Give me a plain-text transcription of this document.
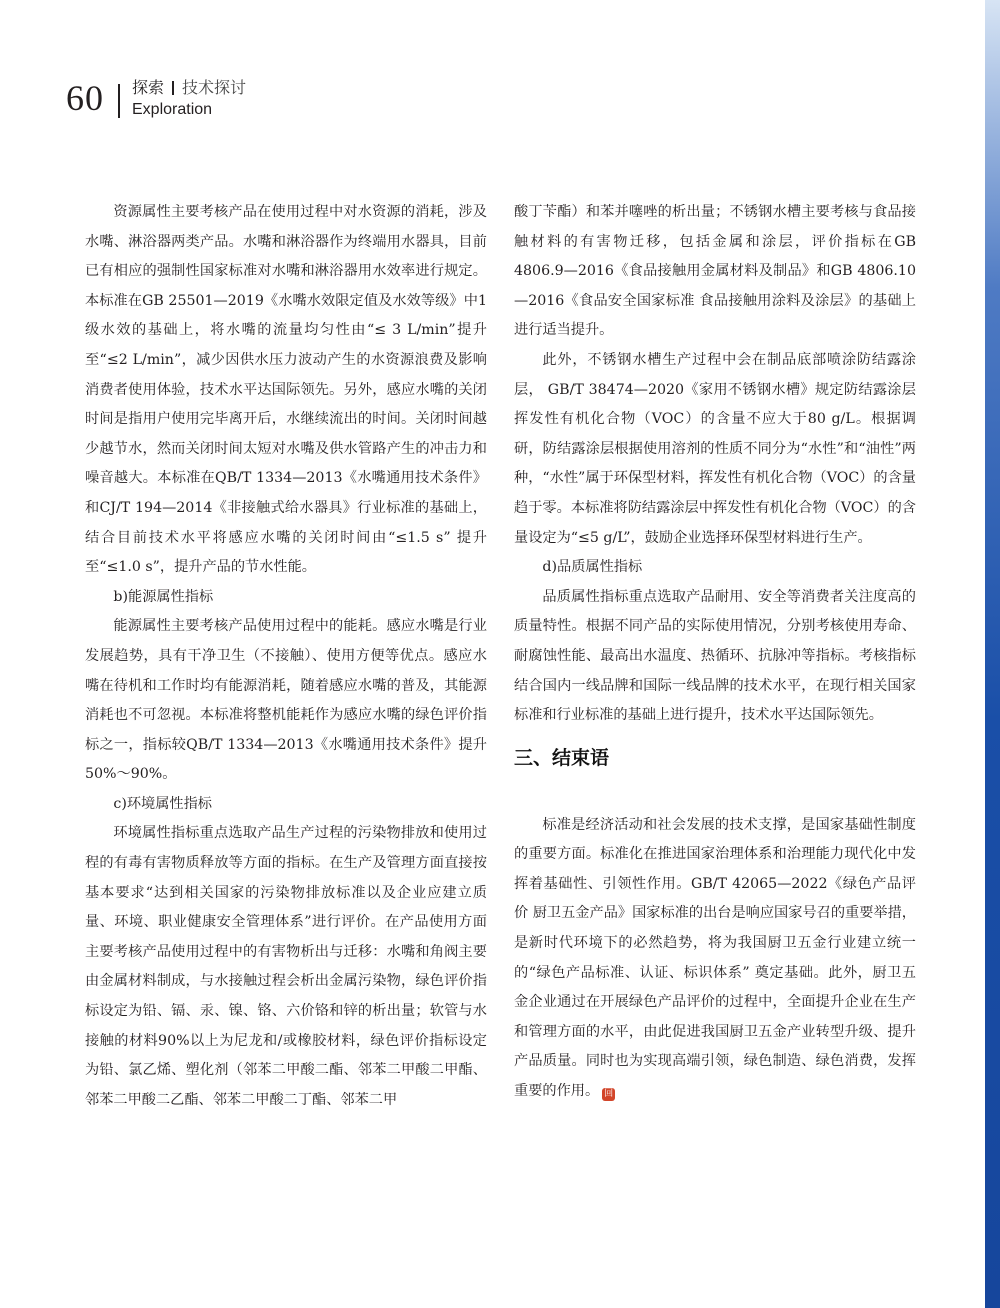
60 探索 技术探讨
Exploration

资源属性主要考核产品在使用过程中对水资源的消耗，涉及水嘴、淋浴器两类产品。水嘴和淋浴器作为终端用水器具，目前已有相应的强制性国家标准对水嘴和淋浴器用水效率进行规定。本标准在GB 25501—2019《水嘴水效限定值及水效等级》中1级水效的基础上，将水嘴的流量均匀性由“≤ 3 L/min”提升至“≤2 L/min”，减少因供水压力波动产生的水资源浪费及影响消费者使用体验，技术水平达国际领先。另外，感应水嘴的关闭时间是指用户使用完毕离开后，水继续流出的时间。关闭时间越少越节水，然而关闭时间太短对水嘴及供水管路产生的冲击力和噪音越大。本标准在QB/T 1334—2013《水嘴通用技术条件》和CJ/T 194—2014《非接触式给水器具》行业标准的基础上，结合目前技术水平将感应水嘴的关闭时间由“≤1.5 s” 提升至“≤1.0 s”，提升产品的节水性能。

b)能源属性指标

能源属性主要考核产品使用过程中的能耗。感应水嘴是行业发展趋势，具有干净卫生（不接触）、使用方便等优点。感应水嘴在待机和工作时均有能源消耗，随着感应水嘴的普及，其能源消耗也不可忽视。本标准将整机能耗作为感应水嘴的绿色评价指标之一，指标较QB/T 1334—2013《水嘴通用技术条件》提升50%～90%。

c)环境属性指标

环境属性指标重点选取产品生产过程的污染物排放和使用过程的有毒有害物质释放等方面的指标。在生产及管理方面直接按基本要求“达到相关国家的污染物排放标准以及企业应建立质量、环境、职业健康安全管理体系”进行评价。在产品使用方面主要考核产品使用过程中的有害物析出与迁移：水嘴和角阀主要由金属材料制成，与水接触过程会析出金属污染物，绿色评价指标设定为铅、镉、汞、镍、铬、六价铬和锌的析出量；软管与水接触的材料90%以上为尼龙和/或橡胶材料，绿色评价指标设定为铅、氯乙烯、塑化剂（邻苯二甲酸二酯、邻苯二甲酸二甲酯、邻苯二甲酸二乙酯、邻苯二甲酸二丁酯、邻苯二甲

酸丁苄酯）和苯并噻唑的析出量；不锈钢水槽主要考核与食品接触材料的有害物迁移，包括金属和涂层，评价指标在GB 4806.9—2016《食品接触用金属材料及制品》和GB 4806.10—2016《食品安全国家标准 食品接触用涂料及涂层》的基础上进行适当提升。

此外，不锈钢水槽生产过程中会在制品底部喷涂防结露涂层， GB/T 38474—2020《家用不锈钢水槽》规定防结露涂层挥发性有机化合物（VOC）的含量不应大于80 g/L。根据调研，防结露涂层根据使用溶剂的性质不同分为“水性”和“油性”两种，“水性”属于环保型材料，挥发性有机化合物（VOC）的含量趋于零。本标准将防结露涂层中挥发性有机化合物（VOC）的含量设定为“≤5 g/L”，鼓励企业选择环保型材料进行生产。

d)品质属性指标

品质属性指标重点选取产品耐用、安全等消费者关注度高的质量特性。根据不同产品的实际使用情况，分别考核使用寿命、耐腐蚀性能、最高出水温度、热循环、抗脉冲等指标。考核指标结合国内一线品牌和国际一线品牌的技术水平，在现行相关国家标准和行业标准的基础上进行提升，技术水平达国际领先。

三、结束语

标准是经济活动和社会发展的技术支撑，是国家基础性制度的重要方面。标准化在推进国家治理体系和治理能力现代化中发挥着基础性、引领性作用。GB/T 42065—2022《绿色产品评价 厨卫五金产品》国家标准的出台是响应国家号召的重要举措，是新时代环境下的必然趋势，将为我国厨卫五金行业建立统一的“绿色产品标准、认证、标识体系” 奠定基础。此外，厨卫五金企业通过在开展绿色产品评价的过程中，全面提升企业在生产和管理方面的水平，由此促进我国厨卫五金产业转型升级、提升产品质量。同时也为实现高端引领，绿色制造、绿色消费，发挥重要的作用。 回
